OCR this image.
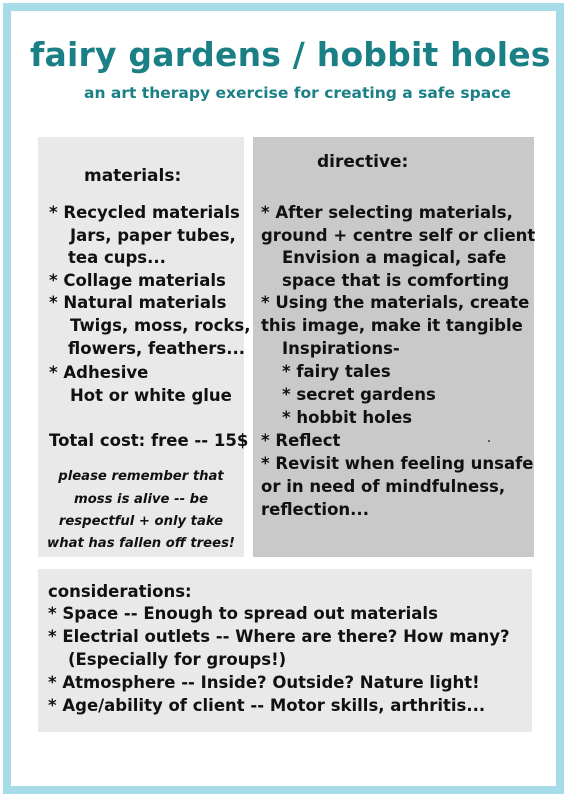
fairy gardens / hobbit holes

an art therapy exercise for creating a safe space

materials:
* Recycled materials
Jars, paper tubes,
tea cups...
* Collage materials
* Natural materials
Twigs, moss, rocks,
flowers, feathers...
* Adhesive
Hot or white glue
Total cost: free -- 15$
please remember that
moss is alive -- be
respectful + only take
what has fallen off trees!
directive:
* After selecting materials,
ground + centre self or client
Envision a magical, safe
space that is comforting
* Using the materials, create
this image, make it tangible
Inspirations-
* fairy tales
* secret gardens
* hobbit holes
* Reflect
* Revisit when feeling unsafe
or in need of mindfulness,
reflection...
considerations:
* Space -- Enough to spread out materials
* Electrial outlets -- Where are there? How many?
(Especially for groups!)
* Atmosphere -- Inside? Outside? Nature light!
* Age/ability of client -- Motor skills, arthritis...
